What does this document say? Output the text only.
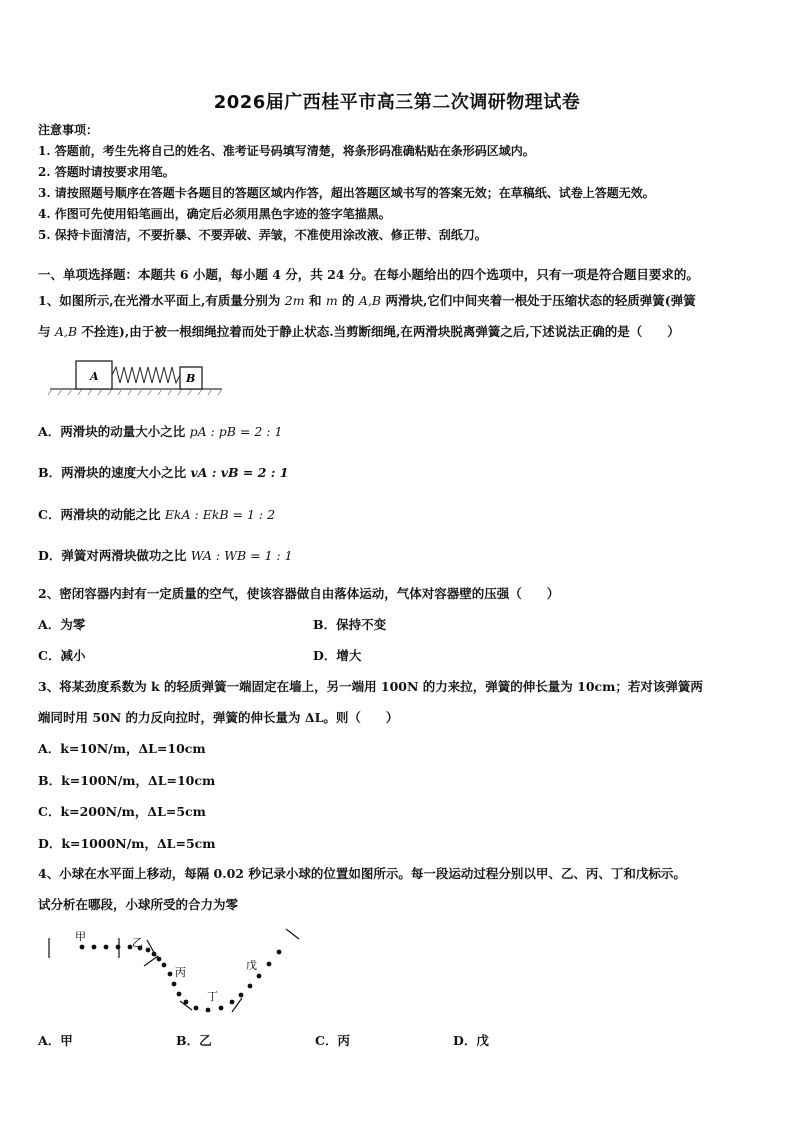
2026届广西桂平市高三第二次调研物理试卷
注意事项：
1. 答题前，考生先将自己的姓名、准考证号码填写清楚，将条形码准确粘贴在条形码区域内。
2. 答题时请按要求用笔。
3. 请按照题号顺序在答题卡各题目的答题区域内作答，超出答题区域书写的答案无效；在草稿纸、试卷上答题无效。
4. 作图可先使用铅笔画出，确定后必须用黑色字迹的签字笔描黑。
5. 保持卡面清洁，不要折暴、不要弄破、弄皱，不准使用涂改液、修正带、刮纸刀。
一、单项选择题：本题共 6 小题，每小题 4 分，共 24 分。在每小题给出的四个选项中，只有一项是符合题目要求的。
1、如图所示,在光滑水平面上,有质量分别为 2m 和 m 的 A,B 两滑块,它们中间夹着一根处于压缩状态的轻质弹簧(弹簧
与 A,B 不拴连),由于被一根细绳拉着而处于静止状态.当剪断细绳,在两滑块脱离弹簧之后,下述说法正确的是（　　）
A	B
A．两滑块的动量大小之比 pA : pB = 2 : 1
B．两滑块的速度大小之比 vA : vB = 2 : 1
C．两滑块的动能之比 EkA : EkB = 1 : 2
D．弹簧对两滑块做功之比 WA : WB = 1 : 1
2、密闭容器内封有一定质量的空气，使该容器做自由落体运动，气体对容器壁的压强（　　）
A．为零	B．保持不变
C．减小	D．增大
3、将某劲度系数为 k 的轻质弹簧一端固定在墙上，另一端用 100N 的力来拉，弹簧的伸长量为 10cm；若对该弹簧两
端同时用 50N 的力反向拉时，弹簧的伸长量为 ΔL。则（　　）
A．k=10N/m，ΔL=10cm
B．k=100N/m，ΔL=10cm
C．k=200N/m，ΔL=5cm
D．k=1000N/m，ΔL=5cm
4、小球在水平面上移动，每隔 0.02 秒记录小球的位置如图所示。每一段运动过程分别以甲、乙、丙、丁和戊标示。
试分析在哪段，小球所受的合力为零
甲	乙
丙
丁
戊
A．甲	B．乙	C．丙	D．戊
